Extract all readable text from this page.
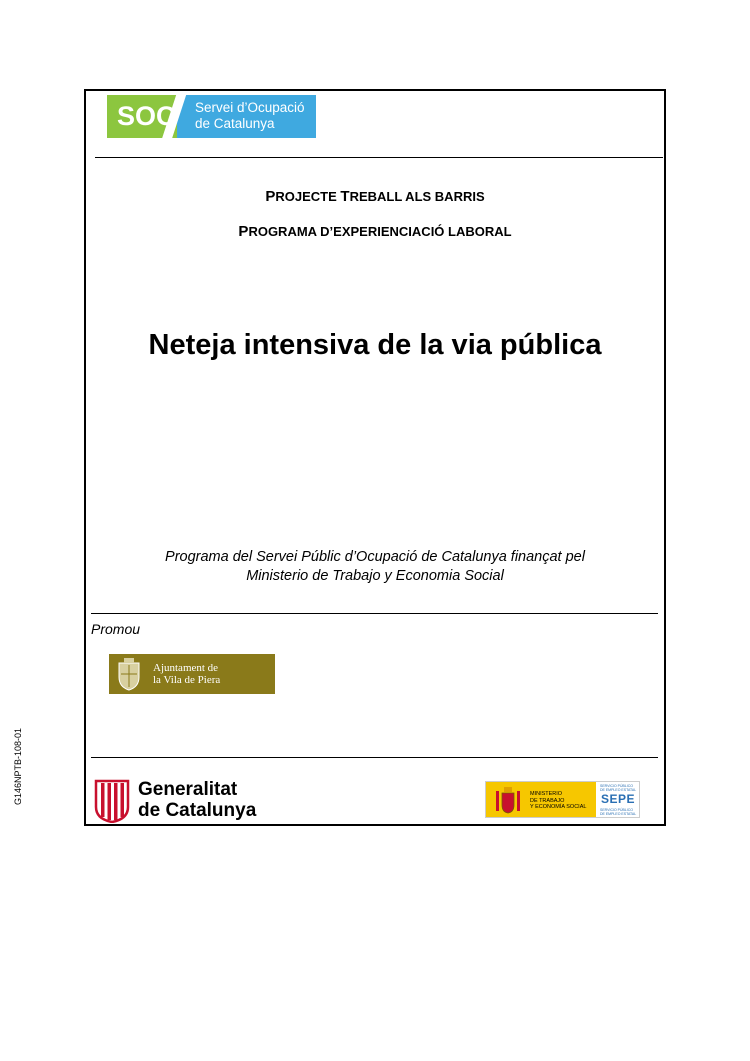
SOC Servei d’Ocupació
de Catalunya
PROJECTE TREBALL ALS BARRIS
PROGRAMA D’EXPERIENCIACIÓ LABORAL
Neteja intensiva de la via pública
Programa del Servei Públic d’Ocupació de Catalunya finançat pel
Ministerio de Trabajo y Economia Social
Promou
Ajuntament de
la Vila de Piera
Generalitat
de Catalunya
MINISTERIO
DE TRABAJO
Y ECONOMÍA SOCIAL
SERVICIO PÚBLICO DE EMPLEO ESTATAL
SEPE
SERVICIO PÚBLICO DE EMPLEO ESTATAL
G146NPTB-108-01
